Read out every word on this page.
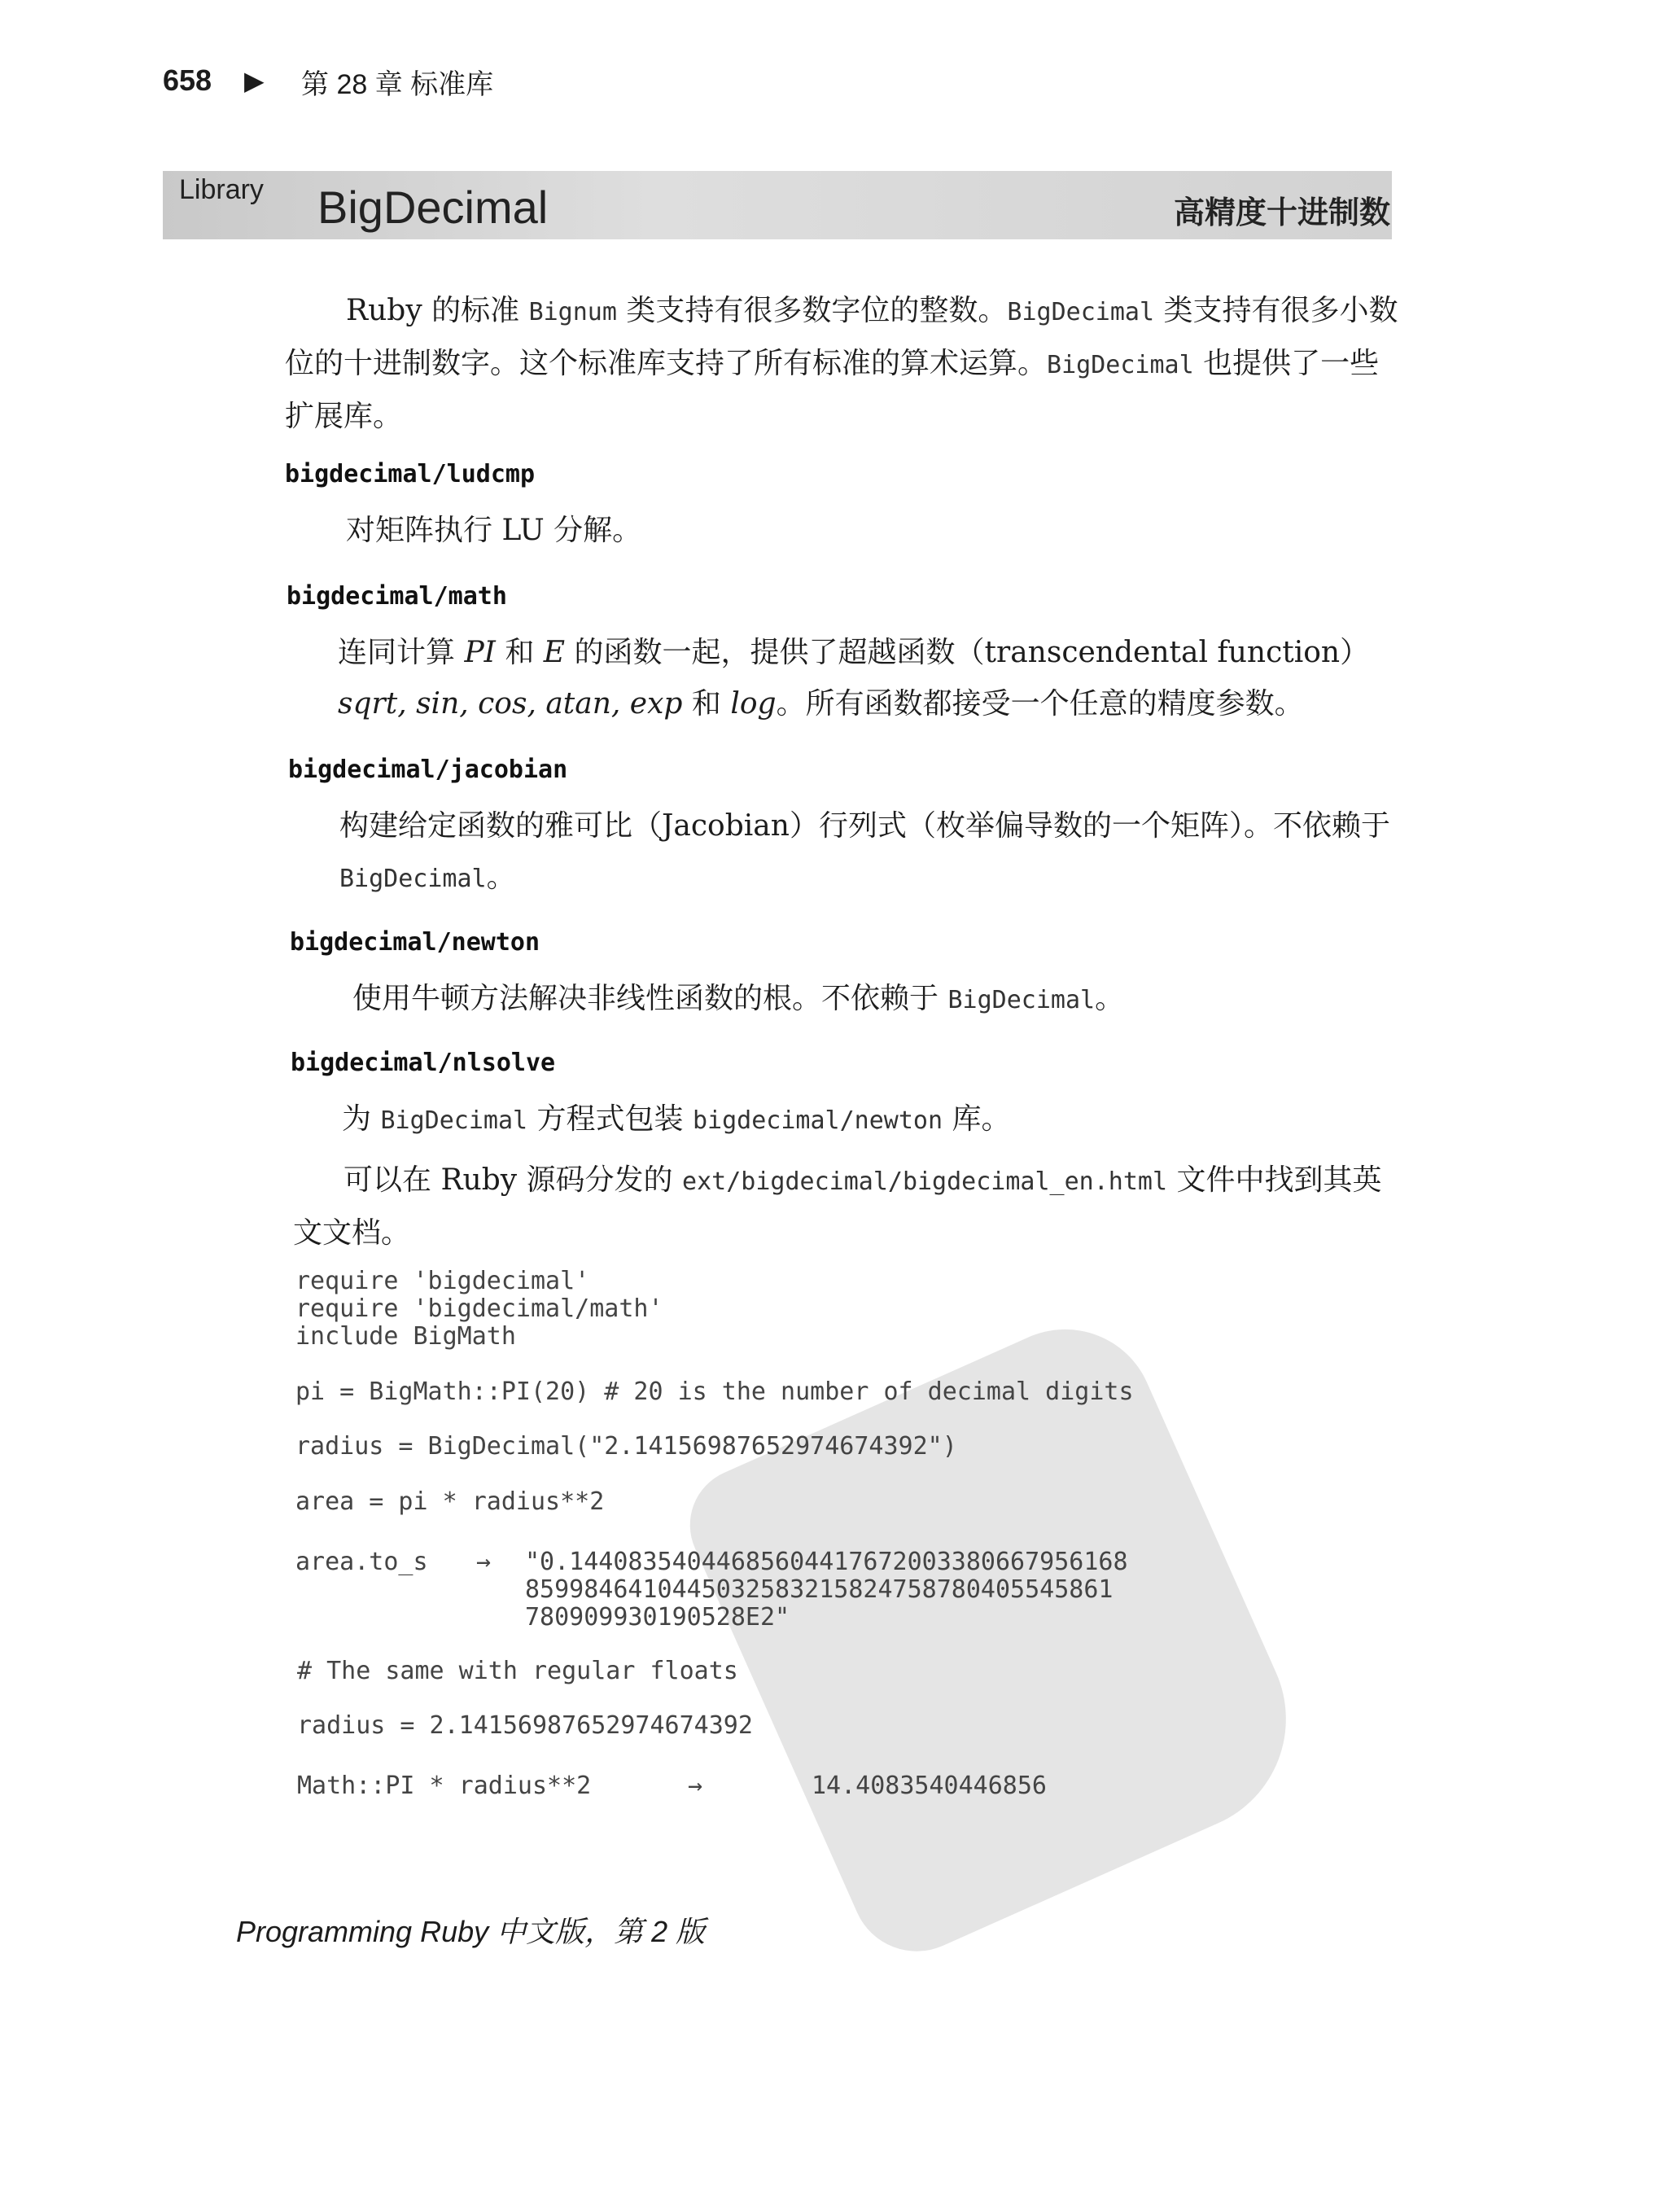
658 ▶ 第 28 章 标准库
Library BigDecimal	高精度十进制数
Ruby 的标准 Bignum 类支持有很多数字位的整数。BigDecimal 类支持有很多小数位的十进制数字。这个标准库支持了所有标准的算术运算。BigDecimal 也提供了一些扩展库。
bigdecimal/ludcmp
对矩阵执行 LU 分解。
bigdecimal/math
连同计算 PI 和 E 的函数一起，提供了超越函数（transcendental function）sqrt, sin, cos, atan, exp 和 log。所有函数都接受一个任意的精度参数。
bigdecimal/jacobian
构建给定函数的雅可比（Jacobian）行列式（枚举偏导数的一个矩阵）。不依赖于 BigDecimal。
bigdecimal/newton
使用牛顿方法解决非线性函数的根。不依赖于 BigDecimal。
bigdecimal/nlsolve
为 BigDecimal 方程式包装 bigdecimal/newton 库。
可以在 Ruby 源码分发的 ext/bigdecimal/bigdecimal_en.html 文件中找到其英文文档。
require 'bigdecimal'
require 'bigdecimal/math'
include BigMath
pi = BigMath::PI(20) # 20 is the number of decimal digits
radius = BigDecimal("2.14156987652974674392")
area = pi * radius**2
area.to_s → "0.14408354044685604417672003380667956168
85998464104450325832158247587804055458​61
780909930190528E2"
# The same with regular floats
radius = 2.14156987652974674392
Math::PI * radius**2	→	14.4083540446856
Programming Ruby 中文版，第 2 版
